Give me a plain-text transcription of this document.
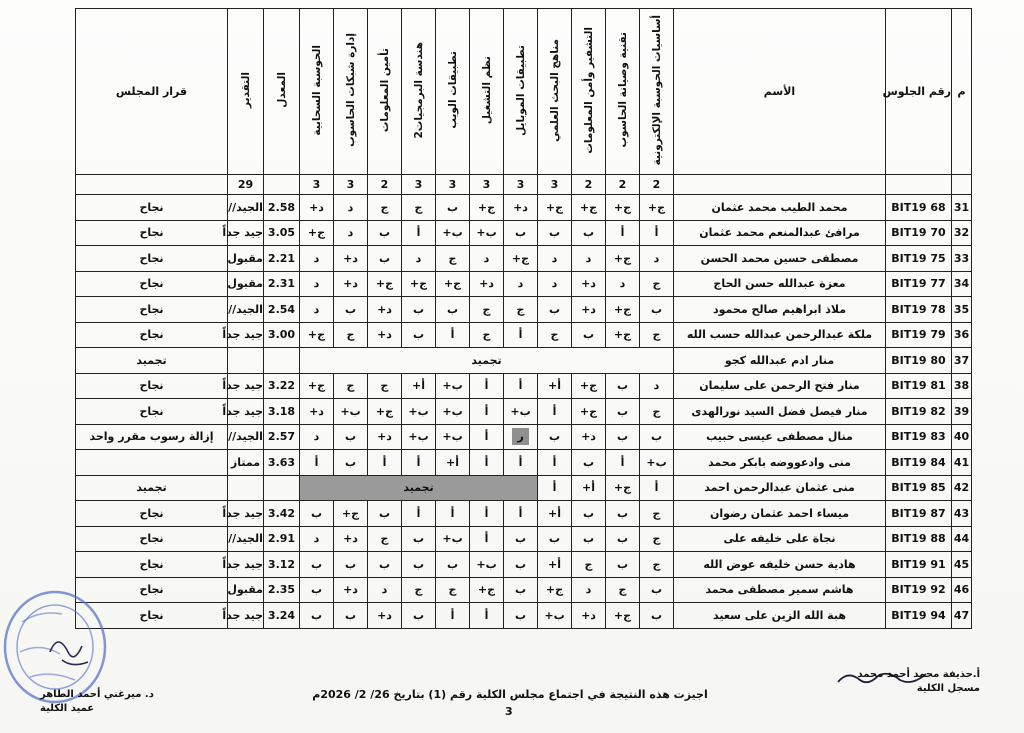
م	رقم الجلوس	الأسم	أساسيات الحوسبة الإلكترونية	تقنية وصيانة الحاسوب	التشفير وأمن المعلومات	مناهج البحث العلمي	تطبيقات الموبايل	نظم التشغيل	تطبيقات الويب	هندسة البرمجيات2	تأمين المعلومات	إدارة شبكات الحاسوب	الحوسبة السحابية	المعدل	التقدير	قرار المجلس
			2	2	2	3	3	3	3	3	2	3	3		29	
31	BIT19 68	محمد الطيب محمد عثمان	ج+	ج+	ج+	ج+	د+	ج+	ب	ج	ج	د	د+	2.58	الجيد//	نجاح
32	BIT19 70	مرافئ عبدالمنعم محمد عثمان	أ	أ	ب	ب	ب	ب+	ب+	أ	ب	د	ج+	3.05	جيد جداً	نجاح
33	BIT19 75	مصطفى حسين محمد الحسن	د	ج+	د	د	ج+	د	ج	د	ب	د+	د	2.21	مقبول	نجاح
34	BIT19 77	معزة عبدالله حسن الحاج	ج	د	د+	د	د	د+	ج+	ج+	ج+	د+	د	2.31	مقبول	نجاح
35	BIT19 78	ملاذ ابراهيم صالح محمود	ب	ج+	د+	ب	ج	ج	ب	ب	د+	ب	د	2.54	الجيد//	نجاح
36	BIT19 79	ملكة عبدالرحمن عبدالله حسب الله	ج	ج+	ب	ج	أ	ج	أ	ب	د+	ج	ج+	3.00	جيد جداً	نجاح
37	BIT19 80	منار ادم عبدالله كجو	تجميد													تجميد
38	BIT19 81	منار فتح الرحمن على سليمان	د	ب	ج+	أ+	أ	أ	ب+	أ+	ج	ج	ج+	3.22	جيد جداً	نجاح
39	BIT19 82	منار فيصل فضل السيد نورالهدى	ج	ب	ج+	أ	ب+	أ	ب+	ب+	ج+	ب+	د+	3.18	جيد جداً	نجاح
40	BIT19 83	منال مصطفى عيسى حبيب	ب	ب	د+	ب	ر	أ	ب+	ب+	د+	ب	د	2.57	الجيد//	إزالة رسوب مقرر واحد
41	BIT19 84	منى وادعووضه بابكر محمد	ب+	أ	ب	أ	أ	أ	أ+	أ	أ	ب	أ	3.63	ممتاز	
42	BIT19 85	منى عثمان عبدالرحمن احمد	أ	ج+	أ+	أ	تجميد									تجميد
43	BIT19 87	ميساء احمد عثمان رضوان	ج	ب	ب	أ+	أ	أ	أ	أ	ب	ج+	ب	3.42	جيد جداً	نجاح
44	BIT19 88	نجاة على خليفه على	ج	ب	ب	ب	ب	أ	ب+	ب	ج	د+	د	2.91	الجيد//	نجاح
45	BIT19 91	هادية حسن خليفه عوض الله	ج	ب	ج	أ+	ب	ب+	ب	ب	ب	ب	ب	3.12	جيد جداً	نجاح
46	BIT19 92	هاشم سمير مصطفى محمد	ب	ج	د	ج+	ب	ج+	ج	ج	د	د+	ب	2.35	مقبول	نجاح
47	BIT19 94	هبة الله الزين على سعيد	ب	ج+	د+	ب+	ب	أ	أ	ب	د+	ب	ب	3.24	جيد جداً	نجاح
اجيزت هذه النتيجة في اجتماع مجلس الكلية رقم (1) بتاريخ 26/ 2/ 2026م
3
أ.حذيفة محمد أحمد محمد
مسجل الكلية
د. ميرغني أحمد الطاهر
عميد الكلية
